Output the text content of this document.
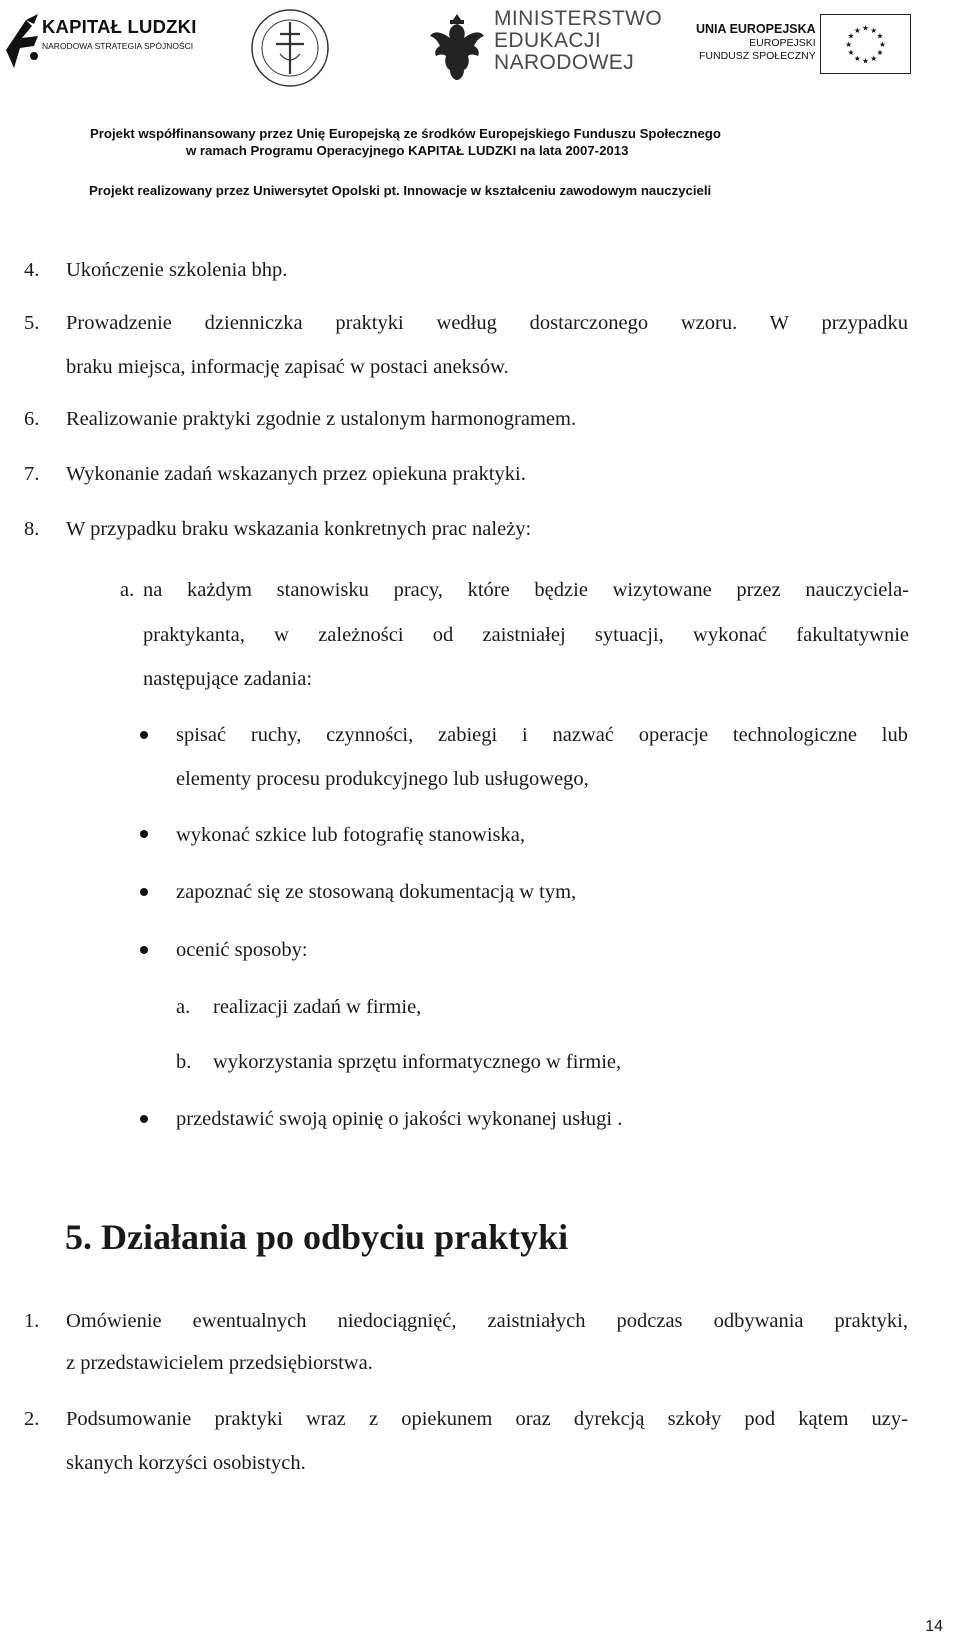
KAPITAŁ LUDZKI
NARODOWA STRATEGIA SPÓJNOŚCI
MINISTERSTWO
EDUKACJI
NARODOWEJ
UNIA EUROPEJSKA
EUROPEJSKI
FUNDUSZ SPOŁECZNY
★ ★
★
★
★
★
★
★
★
★
★
★
Projekt współfinansowany przez Unię Europejską ze środków Europejskiego Funduszu Społecznego
w ramach Programu Operacyjnego KAPITAŁ LUDZKI na lata 2007-2013
Projekt realizowany przez Uniwersytet Opolski pt. Innowacje w kształceniu zawodowym nauczycieli
4.	Ukończenie szkolenia bhp.
5.	Prowadzenie dzienniczka praktyki według dostarczonego wzoru. W przypadku
braku miejsca, informację zapisać w postaci aneksów.
6.	Realizowanie praktyki zgodnie z ustalonym harmonogramem.
7.	Wykonanie zadań wskazanych przez opiekuna praktyki.
8.	W przypadku braku wskazania konkretnych prac należy:
a. na każdym stanowisku pracy, które będzie wizytowane przez nauczyciela-
praktykanta, w zależności od zaistniałej sytuacji, wykonać fakultatywnie
następujące zadania:
spisać ruchy, czynności, zabiegi i nazwać operacje technologiczne lub
elementy procesu produkcyjnego lub usługowego,
wykonać szkice lub fotografię stanowiska,
zapoznać się ze stosowaną dokumentacją w tym,
ocenić sposoby:
a. realizacji zadań w firmie,
b. wykorzystania sprzętu informatycznego w firmie,
przedstawić swoją opinię o jakości wykonanej usługi .
5. Działania po odbyciu praktyki
1.	Omówienie ewentualnych niedociągnięć, zaistniałych podczas odbywania praktyki,
z przedstawicielem przedsiębiorstwa.
2.	Podsumowanie praktyki wraz z opiekunem oraz dyrekcją szkoły pod kątem uzy-
skanych korzyści osobistych.
14
